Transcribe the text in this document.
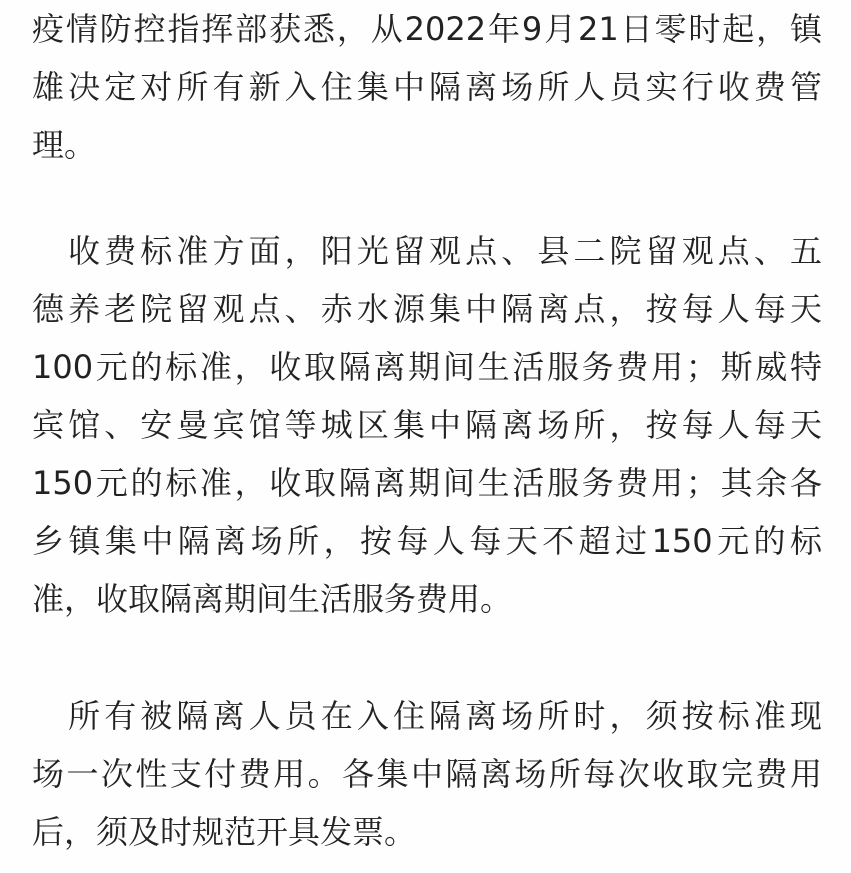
疫情防控指挥部获悉，从2022年9月21日零时起，镇
雄决定对所有新入住集中隔离场所人员实行收费管
理。
　收费标准方面，阳光留观点、县二院留观点、五
德养老院留观点、赤水源集中隔离点，按每人每天
100元的标准，收取隔离期间生活服务费用；斯威特
宾馆、安曼宾馆等城区集中隔离场所，按每人每天
150元的标准，收取隔离期间生活服务费用；其余各
乡镇集中隔离场所，按每人每天不超过150元的标
准，收取隔离期间生活服务费用。
　所有被隔离人员在入住隔离场所时，须按标准现
场一次性支付费用。各集中隔离场所每次收取完费用
后，须及时规范开具发票。
